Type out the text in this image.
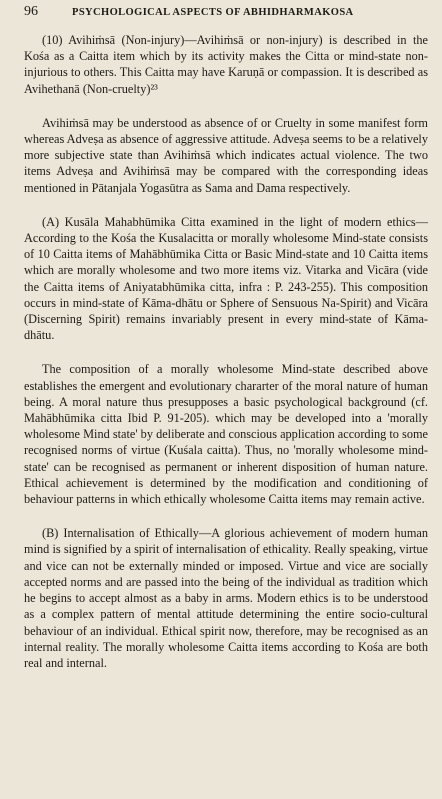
96	PSYCHOLOGICAL ASPECTS OF ABHIDHARMAKOSA

(10) Avihiṁsā (Non-injury)—Avihiṁsā or non-injury) is described in the Kośa as a Caitta item which by its activity makes the Citta or mind-state non-injurious to others. This Caitta may have Karuṇā or compassion. It is described as Avihethanā (Non-cruelty)²³

Avihiṁsā may be understood as absence of or Cruelty in some manifest form whereas Adveṣa as absence of aggressive attitude. Adveṣa seems to be a relatively more subjective state than Avihiṁsā which indicates actual violence. The two items Adveṣa and Avihiṁsā may be compared with the corresponding ideas mentioned in Pātanjala Yogasūtra as Sama and Dama respectively.

(A) Kusāla Mahabhūmika Citta examined in the light of modern ethics—According to the Kośa the Kusalacitta or morally wholesome Mind-state consists of 10 Caitta items of Mahābhūmika Citta or Basic Mind-state and 10 Caitta items which are morally wholesome and two more items viz. Vitarka and Vicāra (vide the Caitta items of Aniyatabhūmika citta, infra : P. 243-255). This composition occurs in mind-state of Kāma-dhātu or Sphere of Sensuous Na-Spirit) and Vicāra (Discerning Spirit) remains invariably present in every mind-state of Kāma-dhātu.

The composition of a morally wholesome Mind-state described above establishes the emergent and evolutionary chararter of the moral nature of human being. A moral nature thus presupposes a basic psychological background (cf. Mahābhūmika citta Ibid P. 91-205). which may be developed into a 'morally wholesome Mind state' by deliberate and conscious application according to some recognised norms of virtue (Kuśala caitta). Thus, no 'morally wholesome mind-state' can be recognised as permanent or inherent disposition of human nature. Ethical achievement is determined by the modification and conditioning of behaviour patterns in which ethically wholesome Caitta items may remain active.

(B) Internalisation of Ethically—A glorious achievement of modern human mind is signified by a spirit of internalisation of ethicality. Really speaking, virtue and vice can not be externally minded or imposed. Virtue and vice are socially accepted norms and are passed into the being of the individual as tradition which he begins to accept almost as a baby in arms. Modern ethics is to be understood as a complex pattern of mental attitude determining the entire socio-cultural behaviour of an individual. Ethical spirit now, therefore, may be recognised as an internal reality. The morally wholesome Caitta items according to Kośa are both real and internal.
